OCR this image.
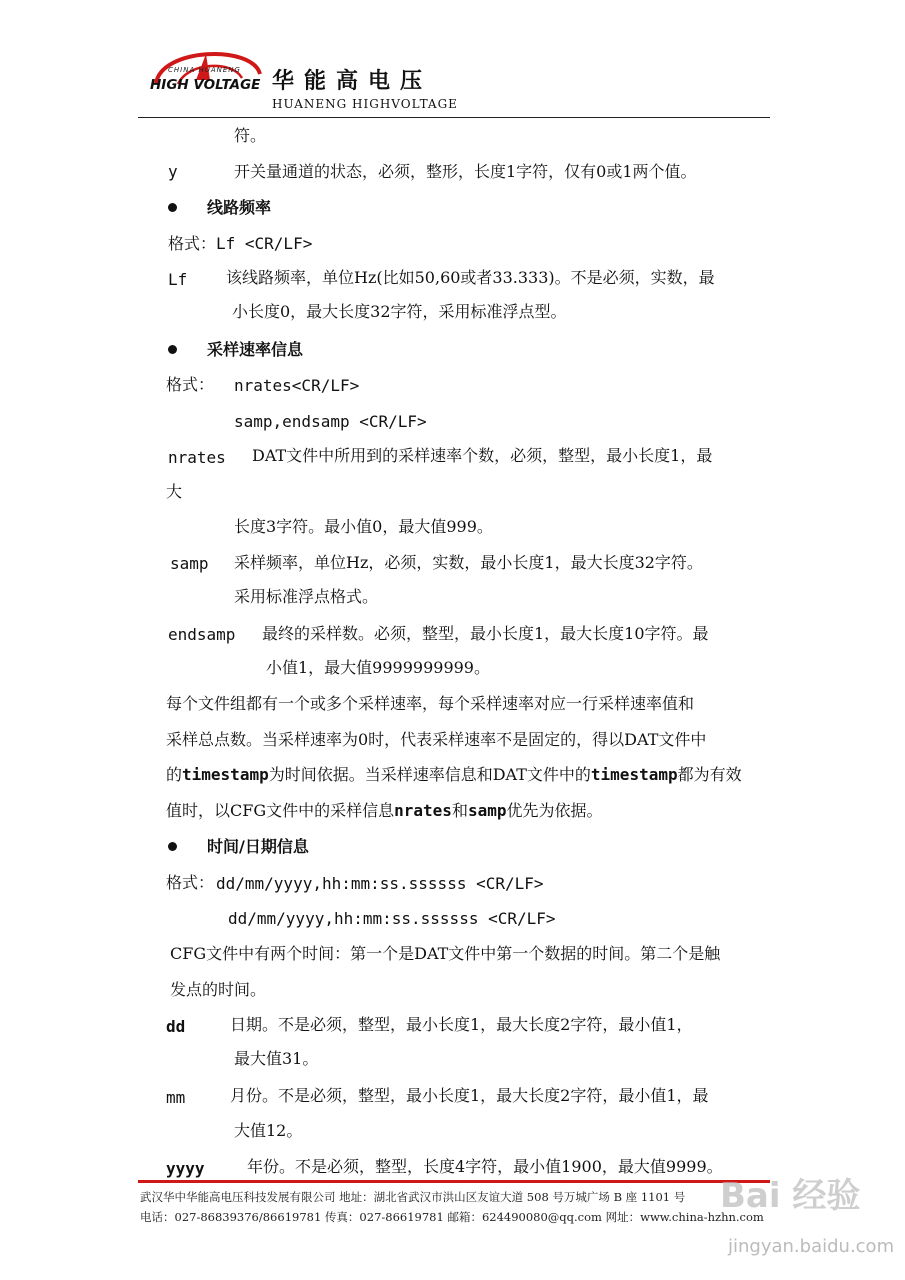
CHINA HUANENG
HIGH VOLTAGE 华能高电压
HUANENG HIGHVOLTAGE
符。
y	开关量通道的状态，必须，整形，长度1字符，仅有0或1两个值。
线路频率
格式：Lf <CR/LF>
Lf 该线路频率，单位Hz(比如50,60或者33.333)。不是必须，实数，最
小长度0，最大长度32字符，采用标准浮点型。
采样速率信息
格式： nrates<CR/LF>
samp,endsamp <CR/LF>
nrates DAT文件中所用到的采样速率个数，必须，整型，最小长度1，最
大
长度3字符。最小值0，最大值999。
samp 采样频率，单位Hz，必须，实数，最小长度1，最大长度32字符。
采用标准浮点格式。
endsamp 最终的采样数。必须，整型，最小长度1，最大长度10字符。最
小值1，最大值9999999999。
每个文件组都有一个或多个采样速率，每个采样速率对应一行采样速率值和
采样总点数。当采样速率为0时，代表采样速率不是固定的，得以DAT文件中
的timestamp为时间依据。当采样速率信息和DAT文件中的timestamp都为有效
值时，以CFG文件中的采样信息nrates和samp优先为依据。
时间/日期信息
格式： dd/mm/yyyy,hh:mm:ss.ssssss <CR/LF>
dd/mm/yyyy,hh:mm:ss.ssssss <CR/LF>
CFG文件中有两个时间：第一个是DAT文件中第一个数据的时间。第二个是触
发点的时间。
dd	日期。不是必须，整型，最小长度1，最大长度2字符，最小值1，
最大值31。
mm	月份。不是必须，整型，最小长度1，最大长度2字符，最小值1，最
大值12。
yyyy	年份。不是必须，整型，长度4字符，最小值1900，最大值9999。
武汉华中华能高电压科技发展有限公司 地址：湖北省武汉市洪山区友谊大道 508 号万城广场 B 座 1101 号
电话：027-86839376/86619781 传真：027-86619781 邮箱：624490080@qq.com 网址：www.china-hzhn.com
Bai 经验
jingyan.baidu.com
